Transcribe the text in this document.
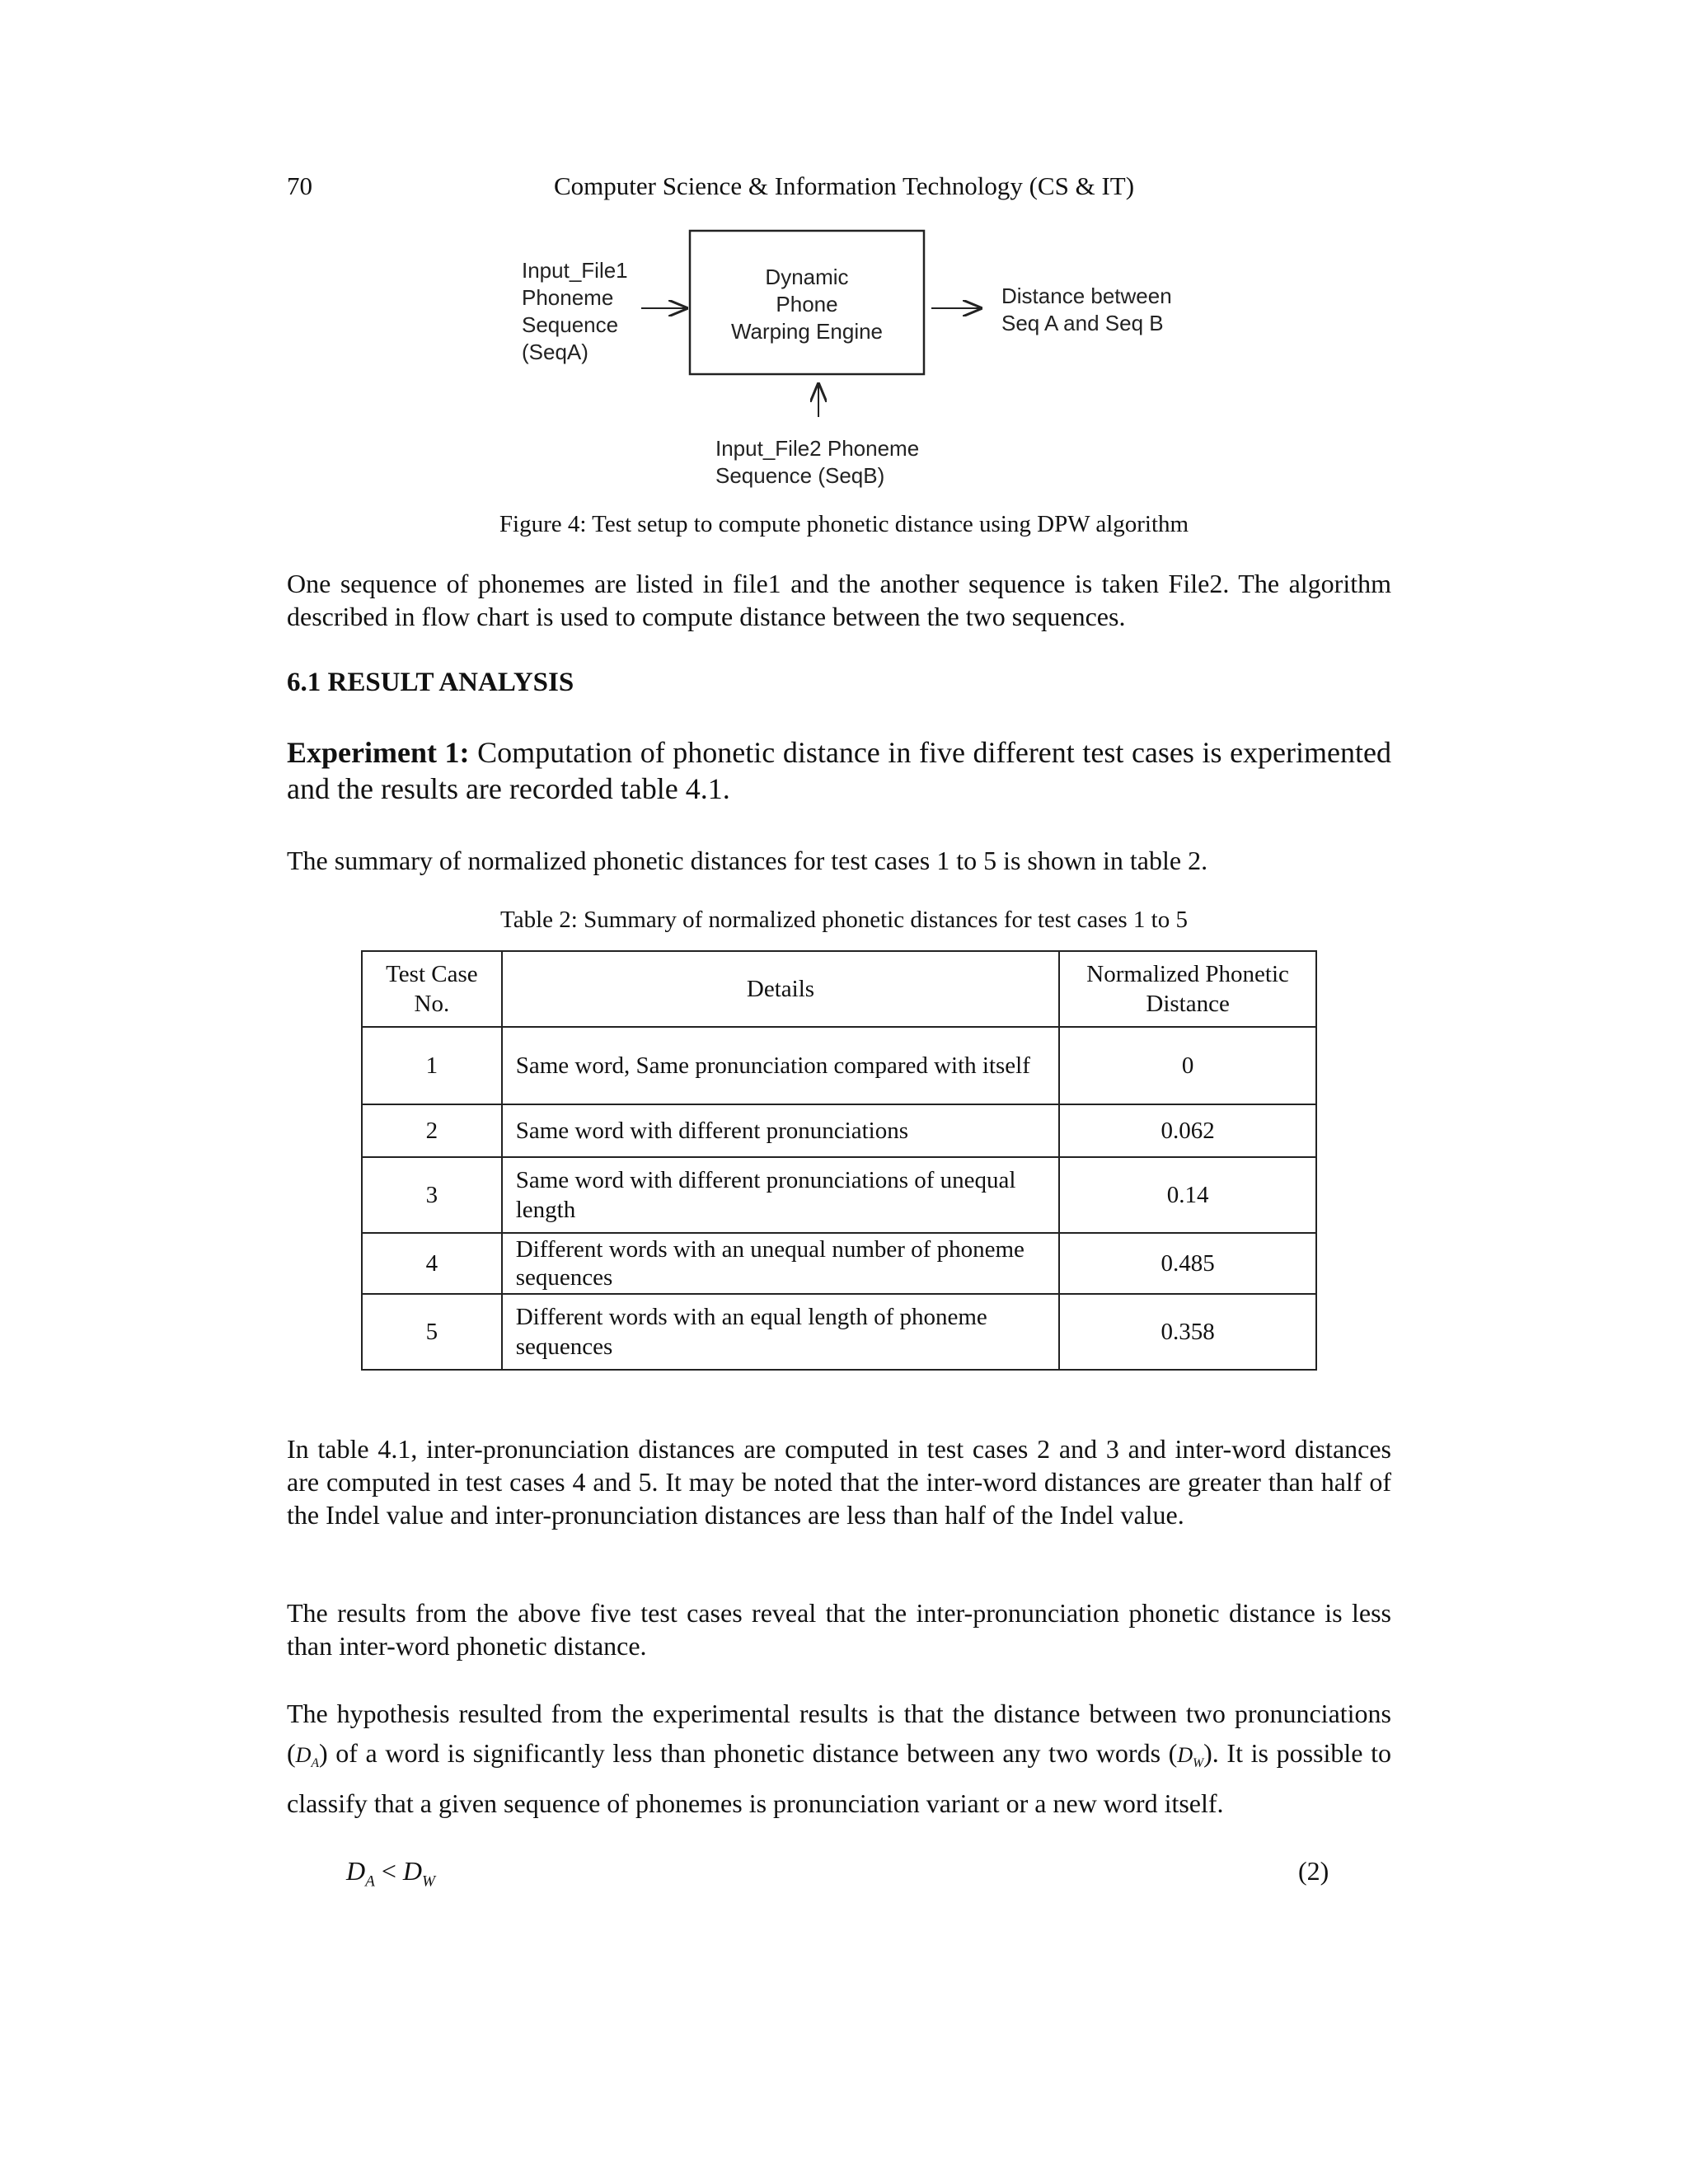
70	Computer Science & Information Technology (CS & IT)
Input_File1
Phoneme
Sequence
(SeqA)
Dynamic
Phone
Warping Engine
Distance between
Seq A and Seq B
Input_File2 Phoneme
Sequence (SeqB)
Figure 4: Test setup to compute phonetic distance using DPW algorithm
One sequence of phonemes are listed in file1 and the another sequence is taken File2. The algorithm described in flow chart is used to compute distance between the two sequences.
6.1 RESULT ANALYSIS
Experiment 1: Computation of phonetic distance in five different test cases is experimented and the results are recorded table 4.1.
The summary of normalized phonetic distances for test cases 1 to 5 is shown in table 2.
Table 2: Summary of normalized phonetic distances for test cases 1 to 5
Test Case No.	Details	Normalized Phonetic Distance
1	Same word, Same pronunciation compared with itself	0
2	Same word with different pronunciations	0.062
3	Same word with different pronunciations of unequal length	0.14
4	Different words with an unequal number of phoneme sequences	0.485
5	Different words with an equal length of phoneme sequences	0.358
In table 4.1, inter-pronunciation distances are computed in test cases 2 and 3 and inter-word distances are computed in test cases 4 and 5. It may be noted that the inter-word distances are greater than half of the Indel value and inter-pronunciation distances are less than half of the Indel value.
The results from the above five test cases reveal that the inter-pronunciation phonetic distance is less than inter-word phonetic distance.
The hypothesis resulted from the experimental results is that the distance between two pronunciations $(D_A)$ of a word is significantly less than phonetic distance between any two words $(D_W)$. It is possible to classify that a given sequence of phonemes is pronunciation variant or a new word itself.
$D_A < D_W$	(2)
